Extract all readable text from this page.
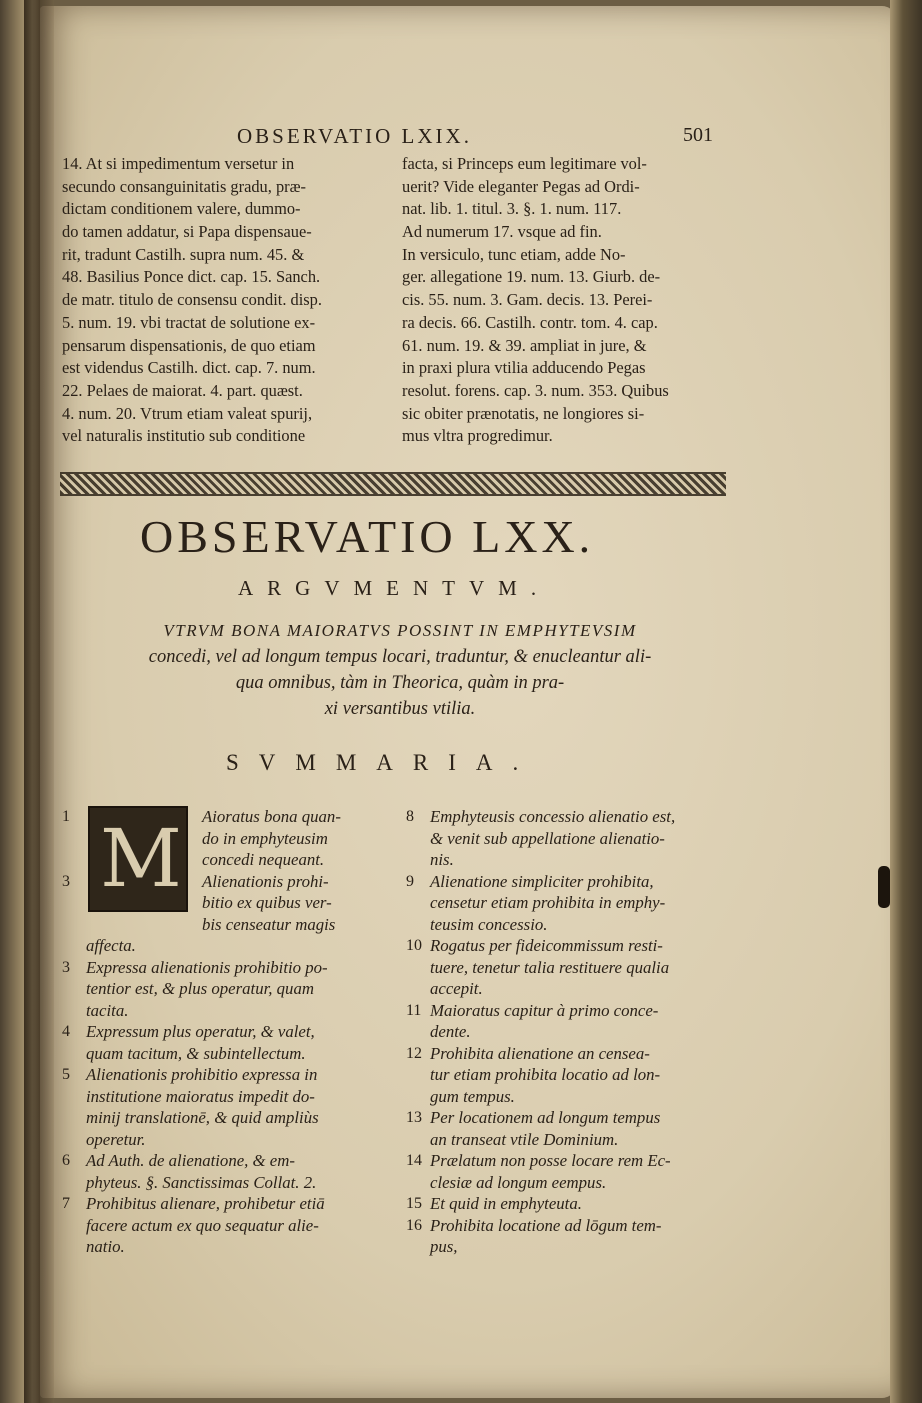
OBSERVATIO LXIX.	501
14. At si impedimentum versetur in
secundo consanguinitatis gradu, præ-
dictam conditionem valere, dummo-
do tamen addatur, si Papa dispensaue-
rit, tradunt Castilh. supra num. 45. &
48. Basilius Ponce dict. cap. 15. Sanch.
de matr. titulo de consensu condit. disp.
5. num. 19. vbi tractat de solutione ex-
pensarum dispensationis, de quo etiam
est videndus Castilh. dict. cap. 7. num.
22. Pelaes de maiorat. 4. part. quæst.
4. num. 20. Vtrum etiam valeat spurij,
vel naturalis institutio sub conditione
facta, si Princeps eum legitimare vol-
uerit? Vide eleganter Pegas ad Ordi-
nat. lib. 1. titul. 3. §. 1. num. 117.
Ad numerum 17. vsque ad fin.
In versiculo, tunc etiam, adde No-
ger. allegatione 19. num. 13. Giurb. de-
cis. 55. num. 3. Gam. decis. 13. Perei-
ra decis. 66. Castilh. contr. tom. 4. cap.
61. num. 19. & 39. ampliat in jure, &
in praxi plura vtilia adducendo Pegas
resolut. forens. cap. 3. num. 353. Quibus
sic obiter prænotatis, ne longiores si-
mus vltra progredimur.
OBSERVATIO LXX.
ARGVMENTVM.
VTRVM BONA MAIORATVS POSSINT IN EMPHYTEVSIM
concedi, vel ad longum tempus locari, traduntur, & enucleantur ali-
qua omnibus, tàm in Theorica, quàm in pra-
xi versantibus vtilia.
SVMMARIA.
1 M Aioratus bona quan-
do in emphyteusim
concedi nequeant.
3	Alienationis prohi-
bitio ex quibus ver-
bis censeatur magis
affecta.
3 Expressa alienationis prohibitio po-
tentior est, & plus operatur, quam
tacita.
4 Expressum plus operatur, & valet,
quam tacitum, & subintellectum.
5 Alienationis prohibitio expressa in
institutione maioratus impedit do-
minij translationē, & quid ampliùs
operetur.
6 Ad Auth. de alienatione, & em-
phyteus. §. Sanctissimas Collat. 2.
7 Prohibitus alienare, prohibetur etiā
facere actum ex quo sequatur alie-
natio.
8 Emphyteusis concessio alienatio est,
& venit sub appellatione alienatio-
nis.
9 Alienatione simpliciter prohibita,
censetur etiam prohibita in emphy-
teusim concessio.
10 Rogatus per fideicommissum resti-
tuere, tenetur talia restituere qualia
accepit.
11 Maioratus capitur à primo conce-
dente.
12 Prohibita alienatione an censea-
tur etiam prohibita locatio ad lon-
gum tempus.
13 Per locationem ad longum tempus
an transeat vtile Dominium.
14 Prælatum non posse locare rem Ec-
clesiæ ad longum eempus.
15 Et quid in emphyteuta.
16 Prohibita locatione ad lōgum tem-
pus,
